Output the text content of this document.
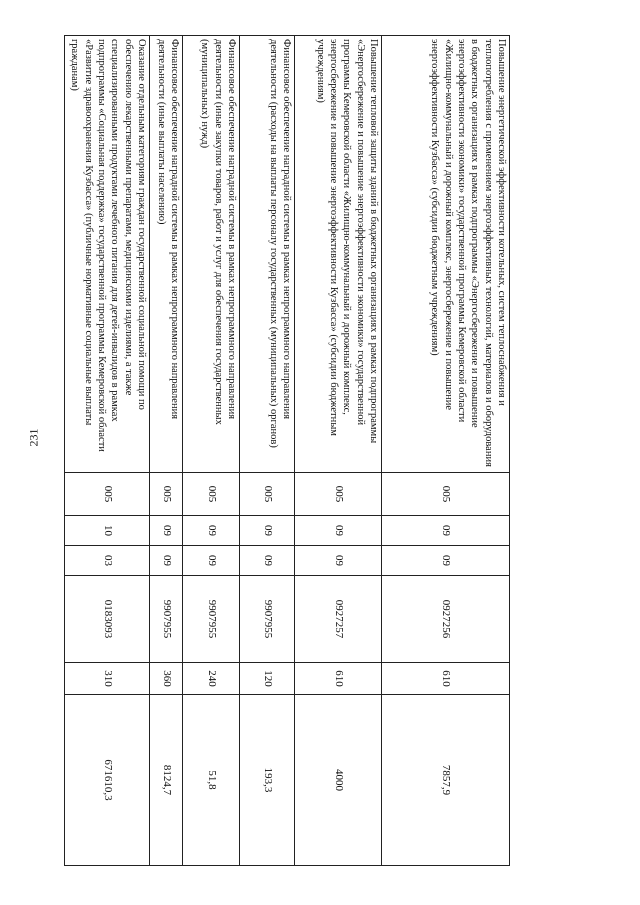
231
Повышение энергетической эффективности котельных, систем теплоснабжения и теплопотребления с применением энергоэффективных технологий, материалов и оборудования в бюджетных организациях в рамках подпрограммы «Энергосбережение и повышение энергоэффективности экономики» государственной программы Кемеровской области «Жилищно-коммунальный и дорожный комплекс, энергосбережение и повышение энергоэффективности Кузбасса» (субсидии бюджетным учреждениям)	005	09	09	0927256	610	7857,9
Повышение тепловой защиты зданий в бюджетных организациях в рамках подпрограммы «Энергосбережение и повышение энергоэффективности экономики» государственной программы Кемеровской области «Жилищно-коммунальный и дорожный комплекс, энергосбережение и повышение энергоэффективности Кузбасса» (субсидии бюджетным учреждениям)	005	09	09	0927257	610	4000
Финансовое обеспечение наградной системы в рамках непрограммного направления деятельности (расходы на выплаты персоналу государственных (муниципальных) органов)	005	09	09	9907955	120	193,3
Финансовое обеспечение наградной системы в рамках непрограммного направления деятельности (иные закупки товаров, работ и услуг для обеспечения государственных (муниципальных) нужд)	005	09	09	9907955	240	51,8
Финансовое обеспечение наградной системы в рамках непрограммного направления деятельности (иные выплаты населению)	005	09	09	9907955	360	8124,7
Оказание отдельным категориям граждан государственной социальной помощи по обеспечению лекарственными препаратами, медицинскими изделиями, а также специализированными продуктами лечебного питания для детей-инвалидов в рамках подпрограммы «Социальная поддержка» государственной программы Кемеровской области «Развитие здравоохранения Кузбасса» (публичные нормативные социальные выплаты гражданам)	005	10	03	0183093	310	671610,3
